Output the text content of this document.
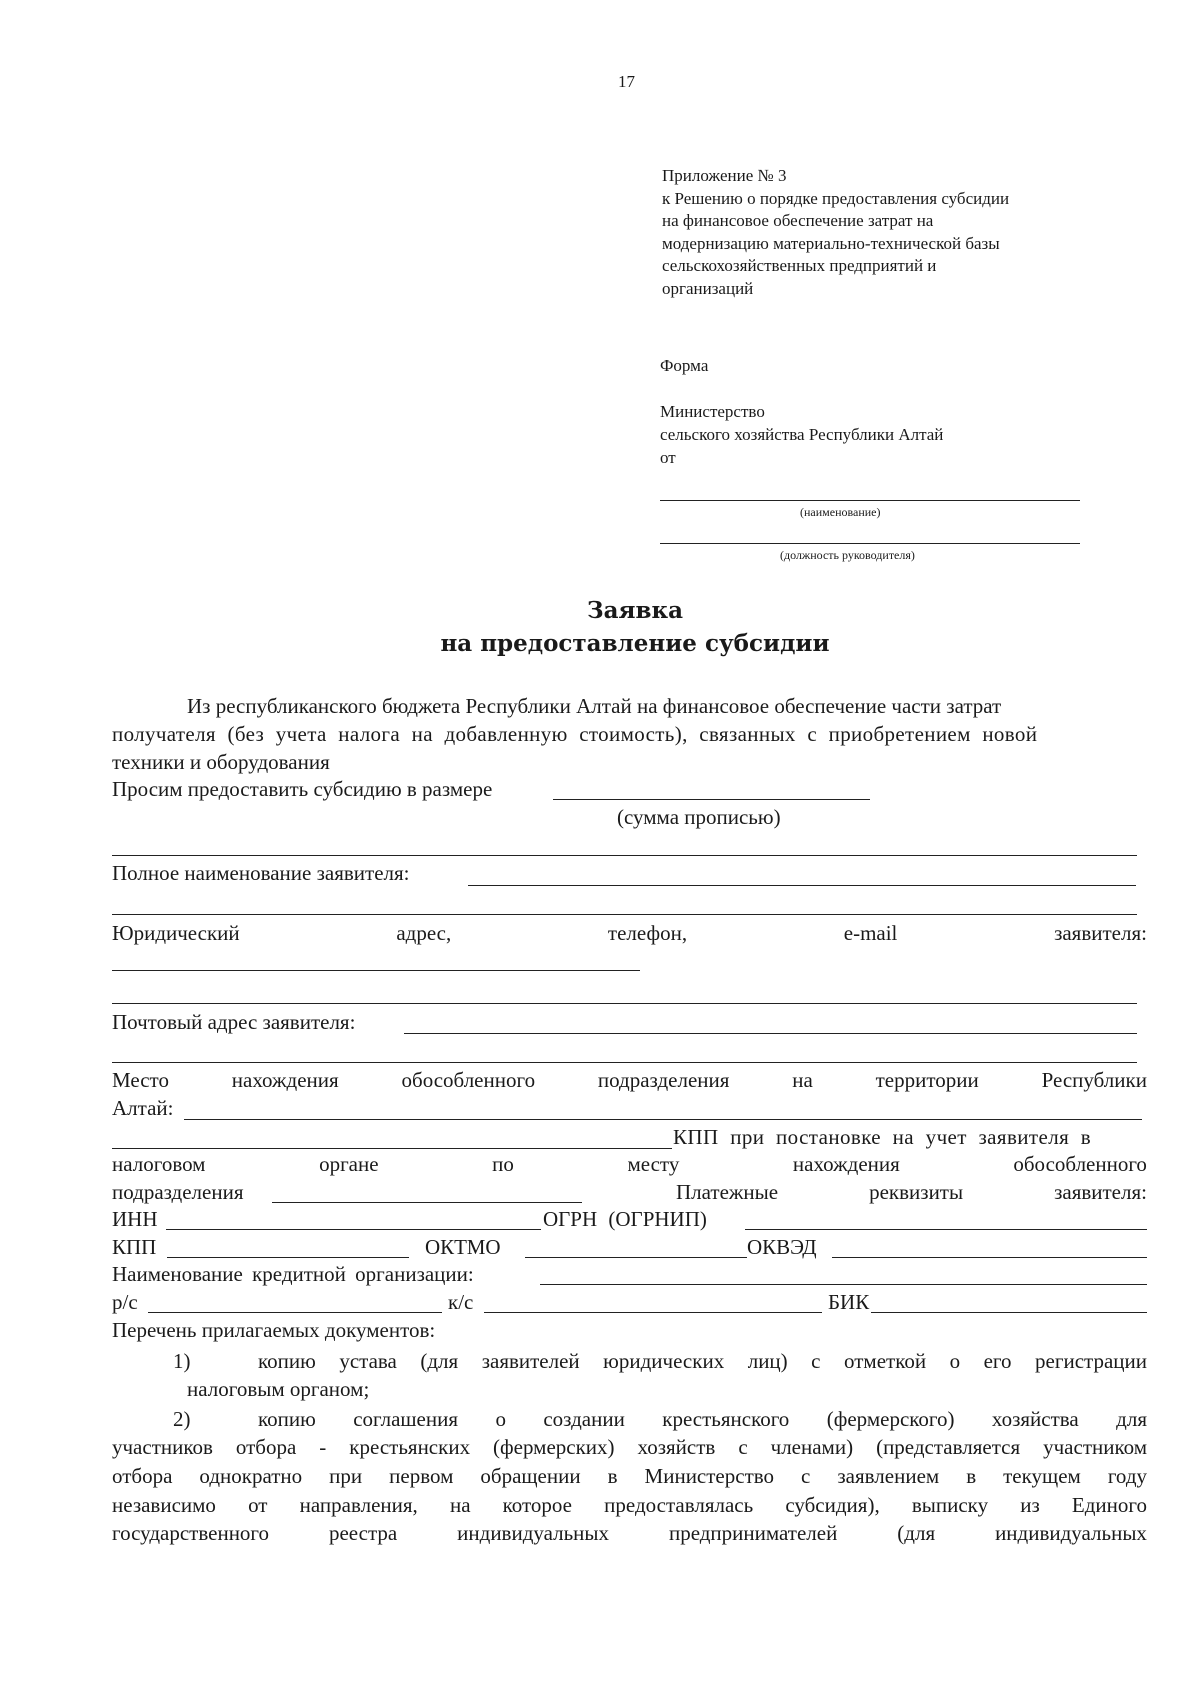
17
Приложение № 3
к Решению о порядке предоставления субсидии
на финансовое обеспечение затрат на
модернизацию материально-технической базы
сельскохозяйственных предприятий и
организаций
Форма
Министерство
сельского хозяйства Республики Алтай
от
(наименование)
(должность руководителя)
Заявка
на предоставление субсидии
Из республиканского бюджета Республики Алтай на финансовое обеспечение части затрат
получателя (без учета налога на добавленную стоимость), связанных с приобретением новой
техники и оборудования
Просим предоставить субсидию в размере
(сумма прописью)
Полное наименование заявителя:
Юридический	адрес,	телефон,	e-mail	заявителя:
Почтовый адрес заявителя:
Место	нахождения	обособленного	подразделения	на	территории	Республики
Алтай:
КПП при постановке на учет заявителя в
налоговом	органе	по	месту	нахождения	обособленного
подразделения	Платежные	реквизиты	заявителя:
ИНН	ОГРН (ОГРНИП)
КПП	ОКТМО	ОКВЭД
Наименование кредитной организации:
р/с	к/с	БИК
Перечень прилагаемых документов:
1)	копию устава (для заявителей юридических лиц) с отметкой о его регистрации
налоговым органом;
2)	копию соглашения о создании крестьянского (фермерского) хозяйства для
участников отбора - крестьянских (фермерских) хозяйств с членами) (представляется участником
отбора однократно при первом обращении в Министерство с заявлением в текущем году
независимо от направления, на которое предоставлялась субсидия), выписку из Единого
государственного	реестра	индивидуальных	предпринимателей	(для	индивидуальных
